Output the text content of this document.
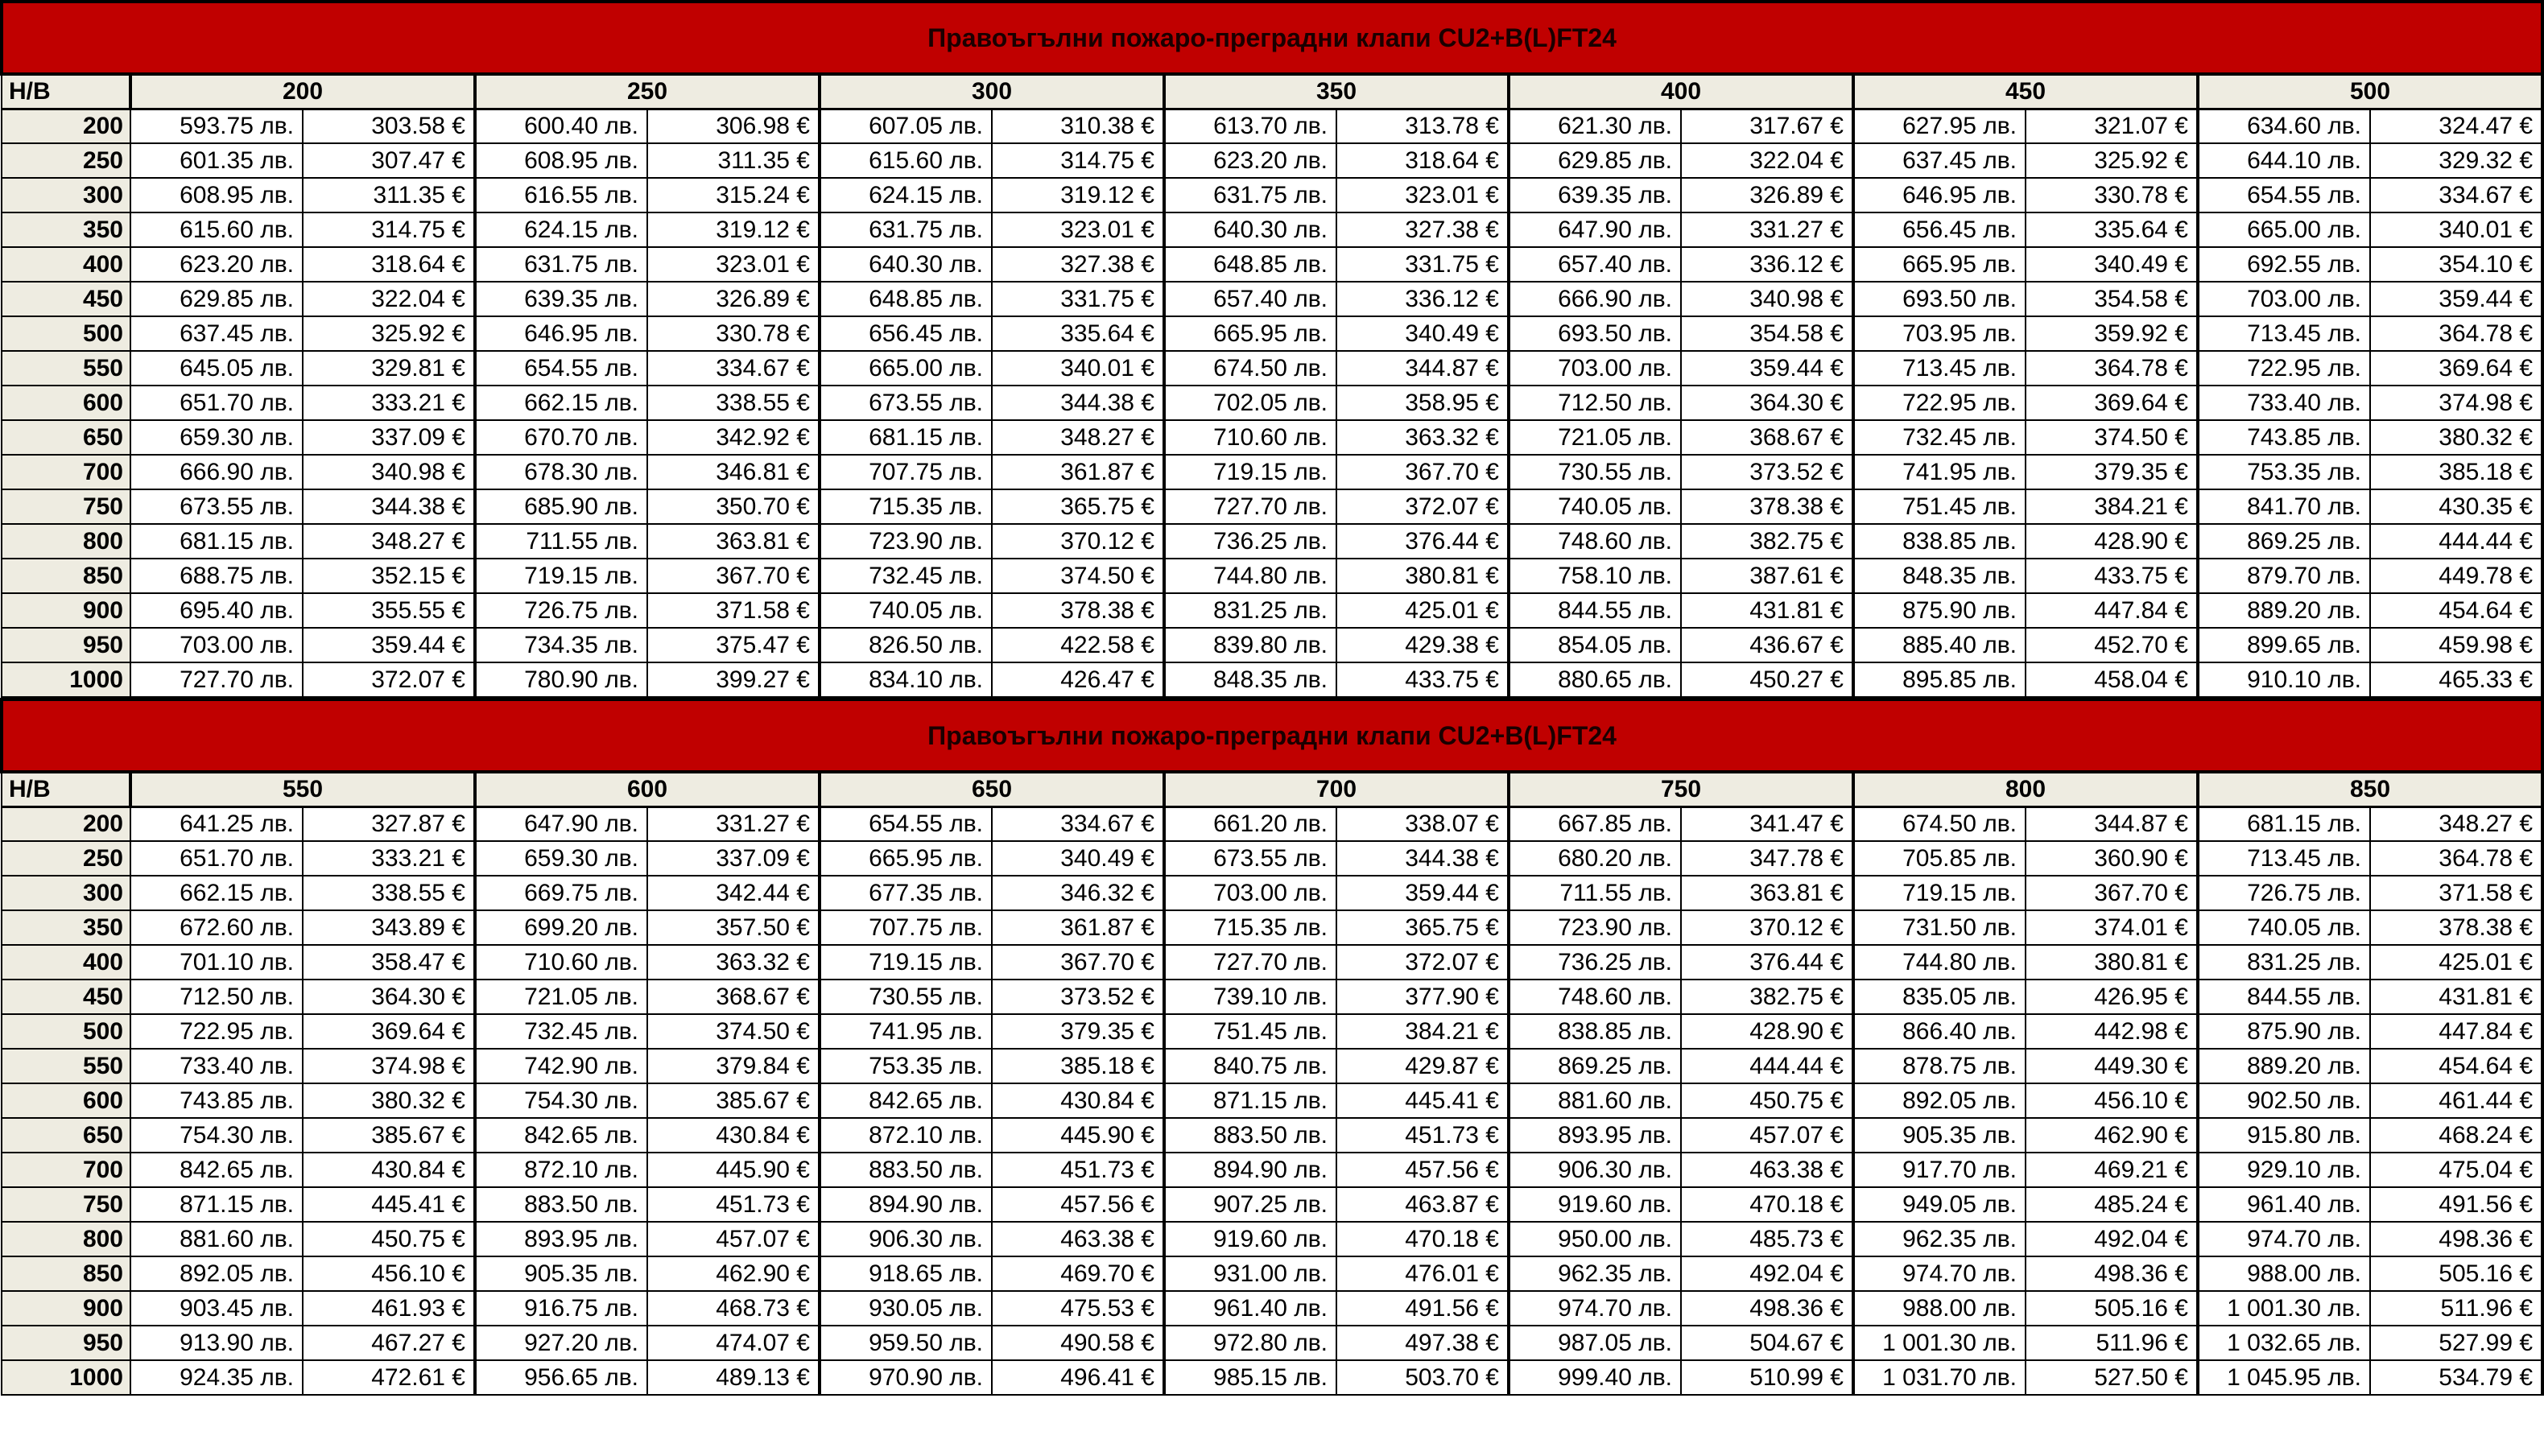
Правоъгълни пожаро-преградни клапи CU2+B(L)FT24														
H/B	200		250		300		350		400		450		500	
200	593.75 лв.	303.58 €	600.40 лв.	306.98 €	607.05 лв.	310.38 €	613.70 лв.	313.78 €	621.30 лв.	317.67 €	627.95 лв.	321.07 €	634.60 лв.	324.47 €
250	601.35 лв.	307.47 €	608.95 лв.	311.35 €	615.60 лв.	314.75 €	623.20 лв.	318.64 €	629.85 лв.	322.04 €	637.45 лв.	325.92 €	644.10 лв.	329.32 €
300	608.95 лв.	311.35 €	616.55 лв.	315.24 €	624.15 лв.	319.12 €	631.75 лв.	323.01 €	639.35 лв.	326.89 €	646.95 лв.	330.78 €	654.55 лв.	334.67 €
350	615.60 лв.	314.75 €	624.15 лв.	319.12 €	631.75 лв.	323.01 €	640.30 лв.	327.38 €	647.90 лв.	331.27 €	656.45 лв.	335.64 €	665.00 лв.	340.01 €
400	623.20 лв.	318.64 €	631.75 лв.	323.01 €	640.30 лв.	327.38 €	648.85 лв.	331.75 €	657.40 лв.	336.12 €	665.95 лв.	340.49 €	692.55 лв.	354.10 €
450	629.85 лв.	322.04 €	639.35 лв.	326.89 €	648.85 лв.	331.75 €	657.40 лв.	336.12 €	666.90 лв.	340.98 €	693.50 лв.	354.58 €	703.00 лв.	359.44 €
500	637.45 лв.	325.92 €	646.95 лв.	330.78 €	656.45 лв.	335.64 €	665.95 лв.	340.49 €	693.50 лв.	354.58 €	703.95 лв.	359.92 €	713.45 лв.	364.78 €
550	645.05 лв.	329.81 €	654.55 лв.	334.67 €	665.00 лв.	340.01 €	674.50 лв.	344.87 €	703.00 лв.	359.44 €	713.45 лв.	364.78 €	722.95 лв.	369.64 €
600	651.70 лв.	333.21 €	662.15 лв.	338.55 €	673.55 лв.	344.38 €	702.05 лв.	358.95 €	712.50 лв.	364.30 €	722.95 лв.	369.64 €	733.40 лв.	374.98 €
650	659.30 лв.	337.09 €	670.70 лв.	342.92 €	681.15 лв.	348.27 €	710.60 лв.	363.32 €	721.05 лв.	368.67 €	732.45 лв.	374.50 €	743.85 лв.	380.32 €
700	666.90 лв.	340.98 €	678.30 лв.	346.81 €	707.75 лв.	361.87 €	719.15 лв.	367.70 €	730.55 лв.	373.52 €	741.95 лв.	379.35 €	753.35 лв.	385.18 €
750	673.55 лв.	344.38 €	685.90 лв.	350.70 €	715.35 лв.	365.75 €	727.70 лв.	372.07 €	740.05 лв.	378.38 €	751.45 лв.	384.21 €	841.70 лв.	430.35 €
800	681.15 лв.	348.27 €	711.55 лв.	363.81 €	723.90 лв.	370.12 €	736.25 лв.	376.44 €	748.60 лв.	382.75 €	838.85 лв.	428.90 €	869.25 лв.	444.44 €
850	688.75 лв.	352.15 €	719.15 лв.	367.70 €	732.45 лв.	374.50 €	744.80 лв.	380.81 €	758.10 лв.	387.61 €	848.35 лв.	433.75 €	879.70 лв.	449.78 €
900	695.40 лв.	355.55 €	726.75 лв.	371.58 €	740.05 лв.	378.38 €	831.25 лв.	425.01 €	844.55 лв.	431.81 €	875.90 лв.	447.84 €	889.20 лв.	454.64 €
950	703.00 лв.	359.44 €	734.35 лв.	375.47 €	826.50 лв.	422.58 €	839.80 лв.	429.38 €	854.05 лв.	436.67 €	885.40 лв.	452.70 €	899.65 лв.	459.98 €
1000	727.70 лв.	372.07 €	780.90 лв.	399.27 €	834.10 лв.	426.47 €	848.35 лв.	433.75 €	880.65 лв.	450.27 €	895.85 лв.	458.04 €	910.10 лв.	465.33 €
Правоъгълни пожаро-преградни клапи CU2+B(L)FT24														
H/B	550		600		650		700		750		800		850	
200	641.25 лв.	327.87 €	647.90 лв.	331.27 €	654.55 лв.	334.67 €	661.20 лв.	338.07 €	667.85 лв.	341.47 €	674.50 лв.	344.87 €	681.15 лв.	348.27 €
250	651.70 лв.	333.21 €	659.30 лв.	337.09 €	665.95 лв.	340.49 €	673.55 лв.	344.38 €	680.20 лв.	347.78 €	705.85 лв.	360.90 €	713.45 лв.	364.78 €
300	662.15 лв.	338.55 €	669.75 лв.	342.44 €	677.35 лв.	346.32 €	703.00 лв.	359.44 €	711.55 лв.	363.81 €	719.15 лв.	367.70 €	726.75 лв.	371.58 €
350	672.60 лв.	343.89 €	699.20 лв.	357.50 €	707.75 лв.	361.87 €	715.35 лв.	365.75 €	723.90 лв.	370.12 €	731.50 лв.	374.01 €	740.05 лв.	378.38 €
400	701.10 лв.	358.47 €	710.60 лв.	363.32 €	719.15 лв.	367.70 €	727.70 лв.	372.07 €	736.25 лв.	376.44 €	744.80 лв.	380.81 €	831.25 лв.	425.01 €
450	712.50 лв.	364.30 €	721.05 лв.	368.67 €	730.55 лв.	373.52 €	739.10 лв.	377.90 €	748.60 лв.	382.75 €	835.05 лв.	426.95 €	844.55 лв.	431.81 €
500	722.95 лв.	369.64 €	732.45 лв.	374.50 €	741.95 лв.	379.35 €	751.45 лв.	384.21 €	838.85 лв.	428.90 €	866.40 лв.	442.98 €	875.90 лв.	447.84 €
550	733.40 лв.	374.98 €	742.90 лв.	379.84 €	753.35 лв.	385.18 €	840.75 лв.	429.87 €	869.25 лв.	444.44 €	878.75 лв.	449.30 €	889.20 лв.	454.64 €
600	743.85 лв.	380.32 €	754.30 лв.	385.67 €	842.65 лв.	430.84 €	871.15 лв.	445.41 €	881.60 лв.	450.75 €	892.05 лв.	456.10 €	902.50 лв.	461.44 €
650	754.30 лв.	385.67 €	842.65 лв.	430.84 €	872.10 лв.	445.90 €	883.50 лв.	451.73 €	893.95 лв.	457.07 €	905.35 лв.	462.90 €	915.80 лв.	468.24 €
700	842.65 лв.	430.84 €	872.10 лв.	445.90 €	883.50 лв.	451.73 €	894.90 лв.	457.56 €	906.30 лв.	463.38 €	917.70 лв.	469.21 €	929.10 лв.	475.04 €
750	871.15 лв.	445.41 €	883.50 лв.	451.73 €	894.90 лв.	457.56 €	907.25 лв.	463.87 €	919.60 лв.	470.18 €	949.05 лв.	485.24 €	961.40 лв.	491.56 €
800	881.60 лв.	450.75 €	893.95 лв.	457.07 €	906.30 лв.	463.38 €	919.60 лв.	470.18 €	950.00 лв.	485.73 €	962.35 лв.	492.04 €	974.70 лв.	498.36 €
850	892.05 лв.	456.10 €	905.35 лв.	462.90 €	918.65 лв.	469.70 €	931.00 лв.	476.01 €	962.35 лв.	492.04 €	974.70 лв.	498.36 €	988.00 лв.	505.16 €
900	903.45 лв.	461.93 €	916.75 лв.	468.73 €	930.05 лв.	475.53 €	961.40 лв.	491.56 €	974.70 лв.	498.36 €	988.00 лв.	505.16 €	1 001.30 лв.	511.96 €
950	913.90 лв.	467.27 €	927.20 лв.	474.07 €	959.50 лв.	490.58 €	972.80 лв.	497.38 €	987.05 лв.	504.67 €	1 001.30 лв.	511.96 €	1 032.65 лв.	527.99 €
1000	924.35 лв.	472.61 €	956.65 лв.	489.13 €	970.90 лв.	496.41 €	985.15 лв.	503.70 €	999.40 лв.	510.99 €	1 031.70 лв.	527.50 €	1 045.95 лв.	534.79 €
